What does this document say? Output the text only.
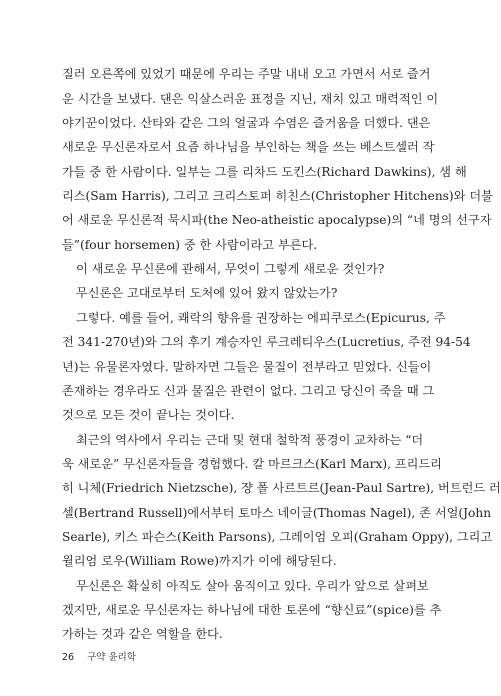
질러 오른쪽에 있었기 때문에 우리는 주말 내내 오고 가면서 서로 즐거
운 시간을 보냈다. 댄은 익살스러운 표정을 지닌, 재치 있고 매력적인 이
야기꾼이었다. 산타와 같은 그의 얼굴과 수염은 즐거움을 더했다. 댄은
새로운 무신론자로서 요즘 하나님을 부인하는 책을 쓰는 베스트셀러 작
가들 중 한 사람이다. 일부는 그를 리차드 도킨스(Richard Dawkins), 샘 해
리스(Sam Harris), 그리고 크리스토퍼 히친스(Christopher Hitchens)와 더불
어 새로운 무신론적 묵시파(the Neo-atheistic apocalypse)의 “네 명의 선구자
들”(four horsemen) 중 한 사람이라고 부른다.
이 새로운 무신론에 관해서, 무엇이 그렇게 새로운 것인가?
무신론은 고대로부터 도처에 있어 왔지 않았는가?
그렇다. 예를 들어, 쾌락의 향유를 권장하는 에피쿠로스(Epicurus, 주
전 341-270년)와 그의 후기 계승자인 루크레티우스(Lucretius, 주전 94-54
년)는 유물론자였다. 말하자면 그들은 물질이 전부라고 믿었다. 신들이
존재하는 경우라도 신과 물질은 관련이 없다. 그리고 당신이 죽을 때 그
것으로 모든 것이 끝나는 것이다.
최근의 역사에서 우리는 근대 및 현대 철학적 풍경이 교차하는 “더
욱 새로운” 무신론자들을 경험했다. 칼 마르크스(Karl Marx), 프리드리
히 니체(Friedrich Nietzsche), 쟝 폴 사르트르(Jean-Paul Sartre), 버트런드 러
셀(Bertrand Russell)에서부터 토마스 네이글(Thomas Nagel), 존 서얼(John
Searle), 키스 파슨스(Keith Parsons), 그레이엄 오피(Graham Oppy), 그리고
윌리엄 로우(William Rowe)까지가 이에 해당된다.
무신론은 확실히 아직도 살아 움직이고 있다. 우리가 앞으로 살펴보
겠지만, 새로운 무신론자는 하나님에 대한 토론에 “향신료”(spice)를 추
가하는 것과 같은 역할을 한다.
26 구약 윤리학
